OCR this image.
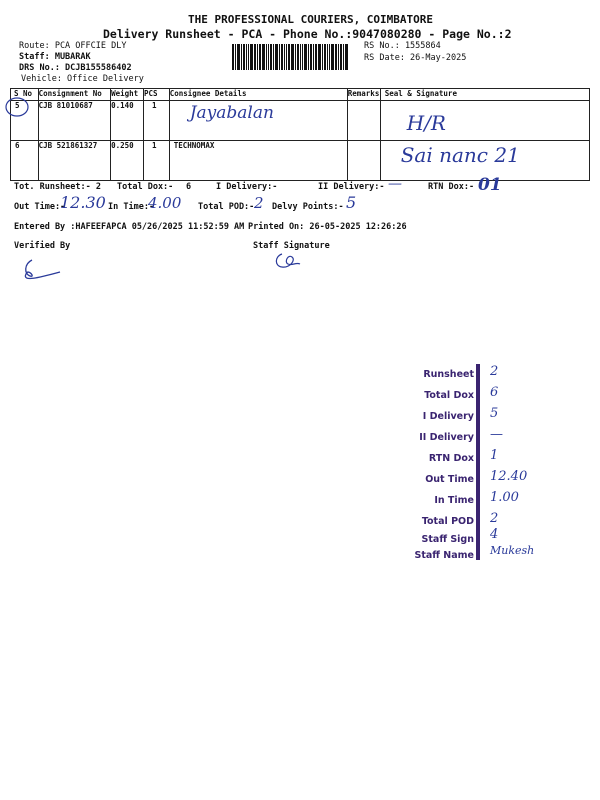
THE PROFESSIONAL COURIERS, COIMBATORE
Delivery Runsheet - PCA - Phone No.:9047080280 - Page No.:2
Route: PCA OFFCIE DLY
Staff: MUBARAK
DRS No.: DCJB155586402
Vehicle: Office Delivery
RS No.: 1555864
RS Date: 26-May-2025
S No	Consignment No	Weight	PCS	Consignee Details	Remarks	Seal & Signature
5	CJB 81010687	0.140	1	Jayabalan		H/R

6	CJB 521861327	0.250	1	TECHNOMAX		Sai nanc 21
Tot. Runsheet:- 2 Total Dox:- 6	I Delivery:-	II Delivery:- —	RTN Dox:- 01
Out Time:-
12.30 In Time:-
4.00 Total POD:- 2 Delvy Points:- 5
Entered By :HAFEEFAPCA 05/26/2025 11:52:59 AM Printed On: 26-05-2025 12:26:26
Verified By	Staff Signature
Runsheet 2
Total Dox 6
I Delivery 5
II Delivery —
RTN Dox 1
Out Time 12.40
In Time 1.00
Total POD 2
Staff Sign 4
Staff Name Mukesh
